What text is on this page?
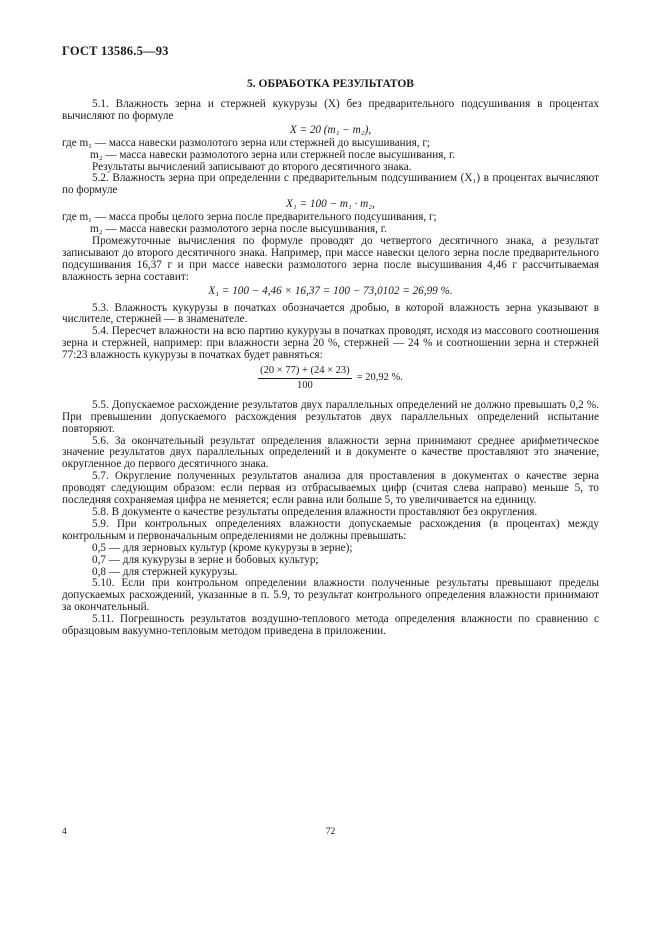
ГОСТ 13586.5—93
5. ОБРАБОТКА РЕЗУЛЬТАТОВ

5.1. Влажность зерна и стержней кукурузы (X) без предварительного подсушивания в процентах вычисляют по формуле

X = 20 (m₁ − m₂),

где m₁ — масса навески размолотого зерна или стержней до высушивания, г;

m₂ — масса навески размолотого зерна или стержней после высушивания, г.

Результаты вычислений записывают до второго десятичного знака.

5.2. Влажность зерна при определении с предварительным подсушиванием (X₁) в процентах вычисляют по формуле

X₁ = 100 − m₁ · m₂,

где m₁ — масса пробы целого зерна после предварительного подсушивания, г;

m₂ — масса навески размолотого зерна после высушивания, г.

Промежуточные вычисления по формуле проводят до четвертого десятичного знака, а результат записывают до второго десятичного знака. Например, при массе навески целого зерна после предварительного подсушивания 16,37 г и при массе навески размолотого зерна после высушивания 4,46 г рассчитываемая влажность зерна составит:

X₁ = 100 − 4,46 × 16,37 = 100 − 73,0102 = 26,99 %.

5.3. Влажность кукурузы в початках обозначается дробью, в которой влажность зерна указывают в числителе, стержней — в знаменателе.

5.4. Пересчет влажности на всю партию кукурузы в початках проводят, исходя из массового соотношения зерна и стержней, например: при влажности зерна 20 %, стержней — 24 % и соотношении зерна и стержней 77:23 влажность кукурузы в початках будет равняться:

$\frac{(20 \times 77) + (24 \times 23)}{100} = 20,92$ %.

5.5. Допускаемое расхождение результатов двух параллельных определений не должно превышать 0,2 %. При превышении допускаемого расхождения результатов двух параллельных определений испытание повторяют.

5.6. За окончательный результат определения влажности зерна принимают среднее арифметическое значение результатов двух параллельных определений и в документе о качестве проставляют это значение, округленное до первого десятичного знака.

5.7. Округление полученных результатов анализа для проставления в документах о качестве зерна проводят следующим образом: если первая из отбрасываемых цифр (считая слева направо) меньше 5, то последняя сохраняемая цифра не меняется; если равна или больше 5, то увеличивается на единицу.

5.8. В документе о качестве результаты определения влажности проставляют без округления.

5.9. При контрольных определениях влажности допускаемые расхождения (в процентах) между контрольным и первоначальным определениями не должны превышать:

0,5 — для зерновых культур (кроме кукурузы в зерне);

0,7 — для кукурузы в зерне и бобовых культур;

0,8 — для стержней кукурузы.

5.10. Если при контрольном определении влажности полученные результаты превышают пределы допускаемых расхождений, указанные в п. 5.9, то результат контрольного определения влажности принимают за окончательный.

5.11. Погрешность результатов воздушно-теплового метода определения влажности по сравнению с образцовым вакуумно-тепловым методом приведена в приложении.

4	72
